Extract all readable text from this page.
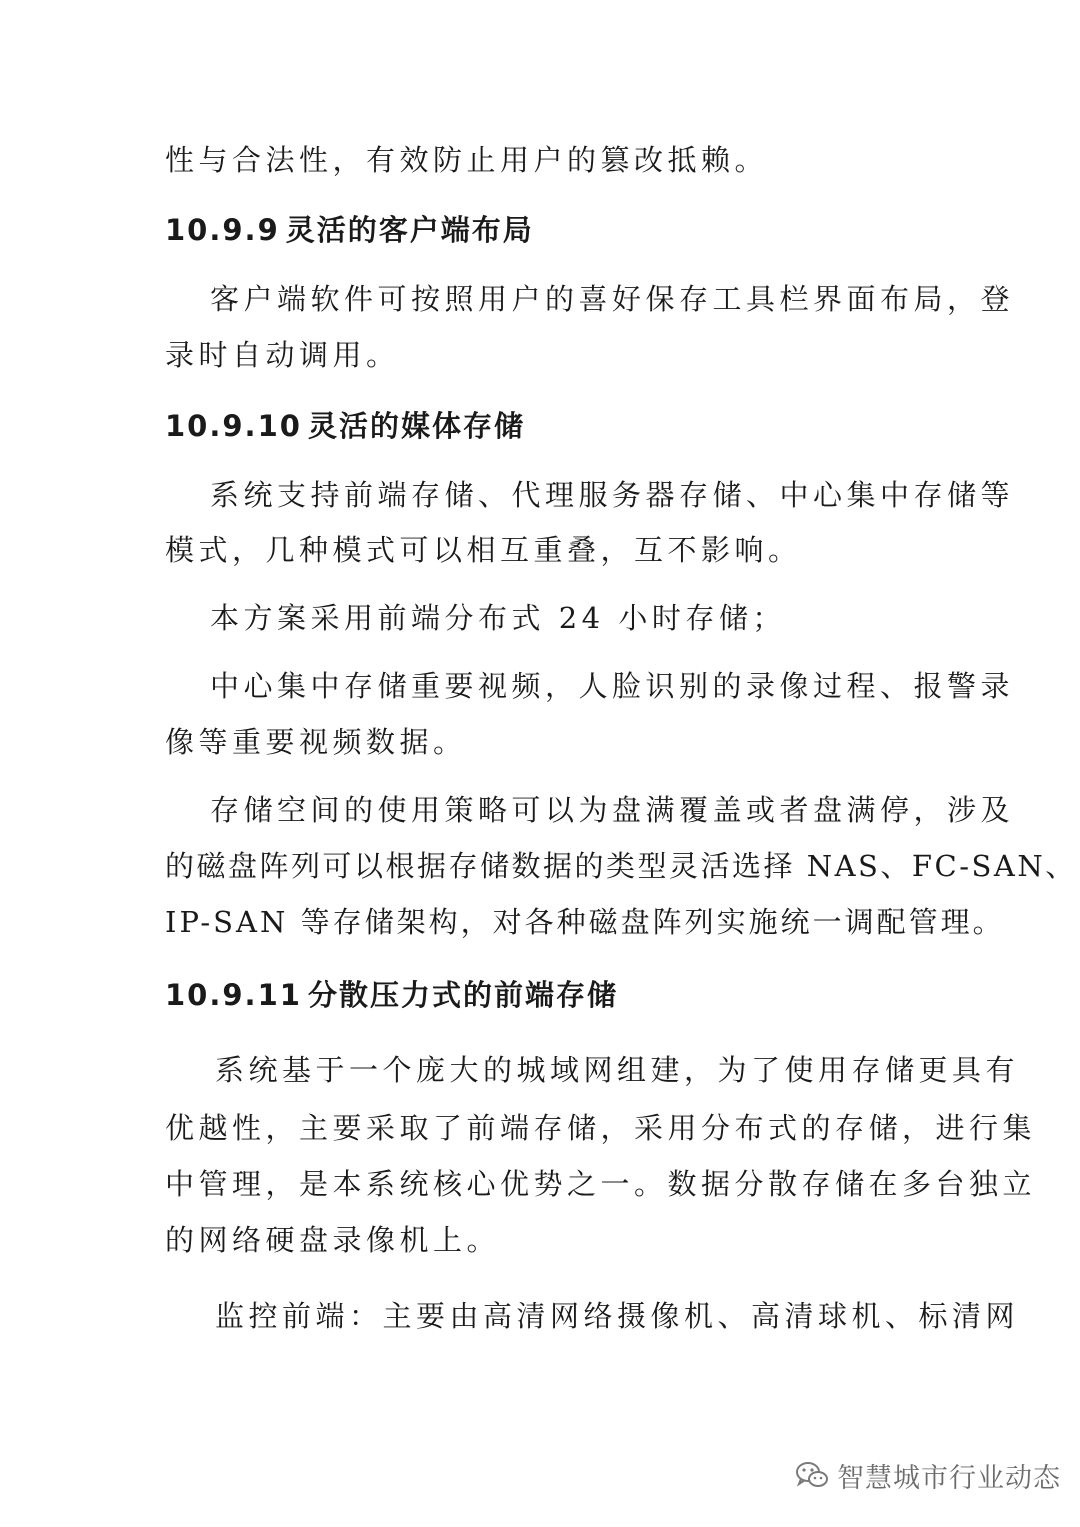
性与合法性，有效防止用户的篡改抵赖。
10.9.9 灵活的客户端布局
客户端软件可按照用户的喜好保存工具栏界面布局，登
录时自动调用。
10.9.10 灵活的媒体存储
系统支持前端存储、代理服务器存储、中心集中存储等
模式，几种模式可以相互重叠，互不影响。
本方案采用前端分布式 24 小时存储；
中心集中存储重要视频，人脸识别的录像过程、报警录
像等重要视频数据。
存储空间的使用策略可以为盘满覆盖或者盘满停，涉及
的磁盘阵列可以根据存储数据的类型灵活选择 NAS、FC-SAN、
IP-SAN 等存储架构，对各种磁盘阵列实施统一调配管理。
10.9.11 分散压力式的前端存储
系统基于一个庞大的城域网组建，为了使用存储更具有
优越性，主要采取了前端存储，采用分布式的存储，进行集
中管理，是本系统核心优势之一。数据分散存储在多台独立
的网络硬盘录像机上。
监控前端：主要由高清网络摄像机、高清球机、标清网
智慧城市行业动态
